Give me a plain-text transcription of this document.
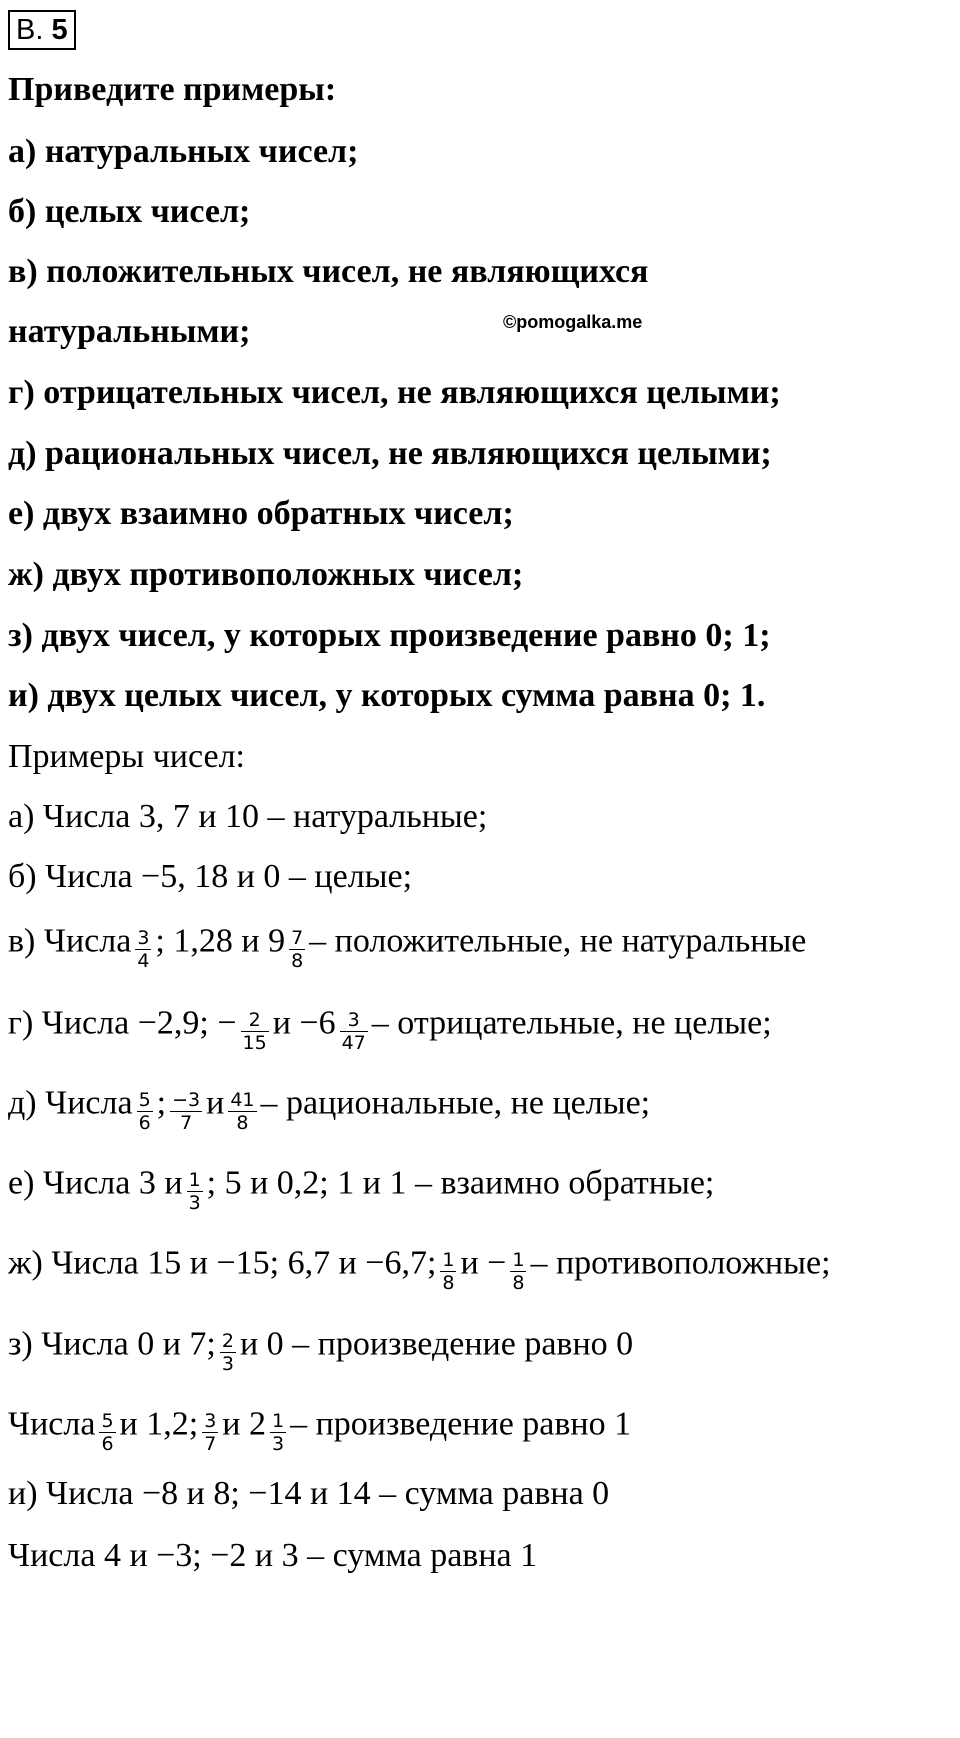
В. 5
Приведите примеры:
а) натуральных чисел;
б) целых чисел;
в) положительных чисел, не являющихся
©pomogalka.me
натуральными;
г) отрицательных чисел, не являющихся целыми;
д) рациональных чисел, не являющихся целыми;
е) двух взаимно обратных чисел;
ж) двух противоположных чисел;
з) двух чисел, у которых произведение равно 0; 1;
и) двух целых чисел, у которых сумма равна 0; 1.
Примеры чисел:
а) Числа 3, 7 и 10 – натуральные;
б) Числа −5, 18 и 0 – целые;
в) Числа $\frac{3}{4}$ ; 1,28 и $9 \frac{7}{8}$ – положительные, не натуральные
г) Числа −2,9; − $\frac{2}{15}$ $и -6 \frac{3}{47}$ – отрицательные, не целые;
д) Числа $\frac{5}{6}$ ; $\frac{-3}{7}$ и $\frac{41}{8}$ – рациональные, не целые;
е) Числа 3 и $\frac{1}{3}$ ; 5 и 0,2; 1 и 1 – взаимно обратные;
ж) Числа 15 и −15; 6,7 и −6,7; $\frac{1}{8}$ $и - \frac{1}{8}$ – противоположные;
з) Числа 0 и 7; $\frac{2}{3}$ и 0 – произведение равно 0
Числа $\frac{5}{6}$ и 1,2; $\frac{3}{7}$ и $2 \frac{1}{3}$ – произведение равно 1
и) Числа −8 и 8; −14 и 14 – сумма равна 0
Числа 4 и −3; −2 и 3 – сумма равна 1
